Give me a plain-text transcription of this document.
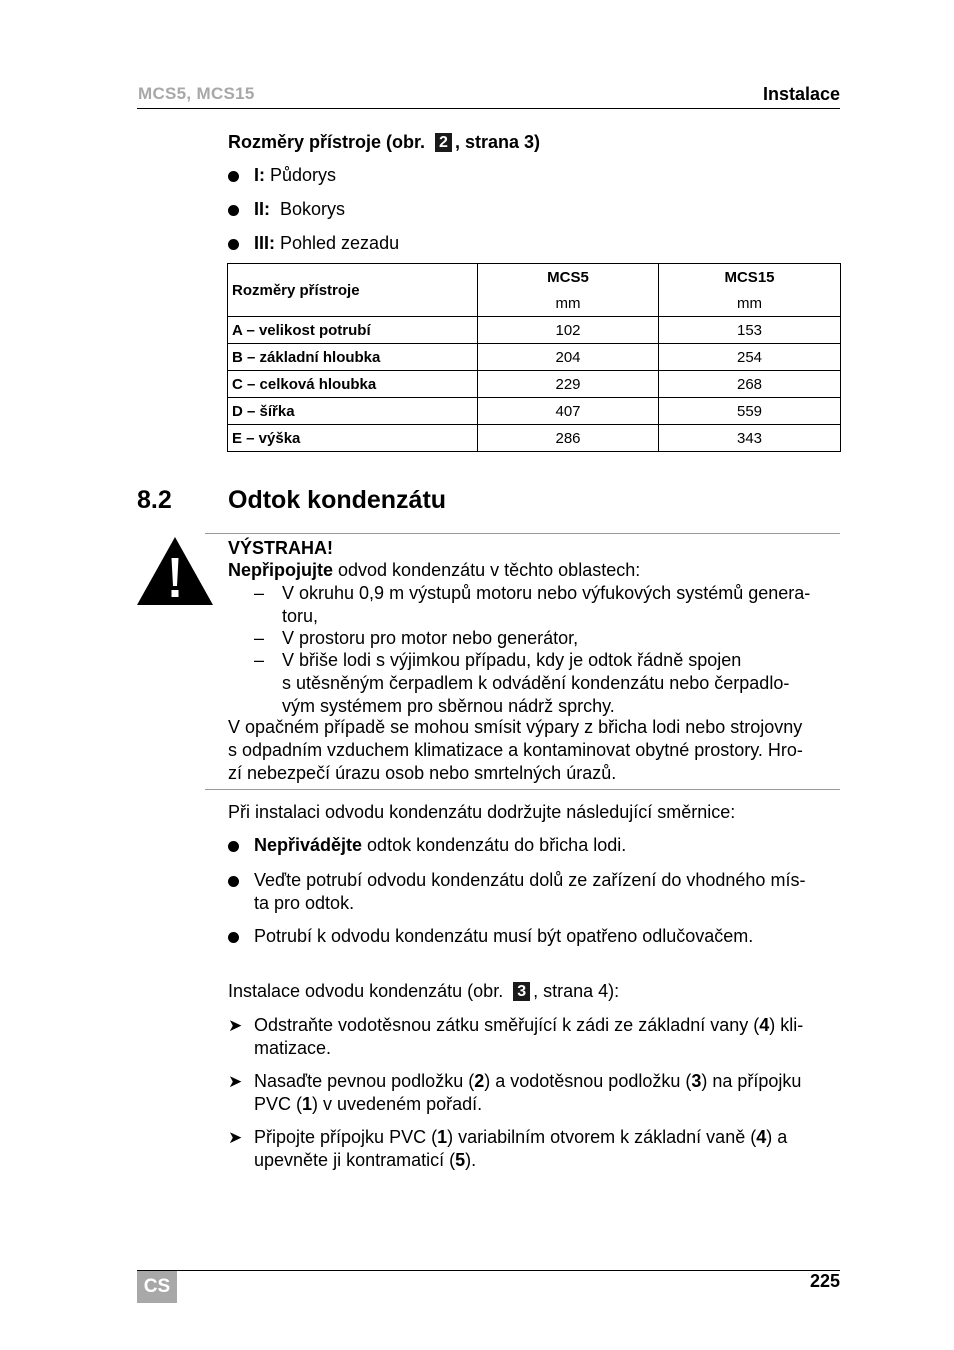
MCS5, MCS15	Instalace
Rozměry přístroje (obr. 2 , strana 3)
I: Půdorys
II:  Bokorys
III: Pohled zezadu
Rozměry přístroje	MCS5	MCS15
	mm	mm
A – velikost potrubí	102	153
B – základní hloubka	204	254
C – celková hloubka	229	268
D – šířka	407	559
E – výška	286	343
8.2 Odtok kondenzátu
VÝSTRAHA!
Nepřipojujte odvod kondenzátu v těchto oblastech:
– V okruhu 0,9 m výstupů motoru nebo výfukových systémů genera-
toru,
– V prostoru pro motor nebo generátor,
– V břiše lodi s výjimkou případu, kdy je odtok řádně spojen
s utěsněným čerpadlem k odvádění kondenzátu nebo čerpadlo-
vým systémem pro sběrnou nádrž sprchy.
V opačném případě se mohou smísit výpary z břicha lodi nebo strojovny
s odpadním vzduchem klimatizace a kontaminovat obytné prostory. Hro-
zí nebezpečí úrazu osob nebo smrtelných úrazů.
Při instalaci odvodu kondenzátu dodržujte následující směrnice:
Nepřivádějte odtok kondenzátu do břicha lodi.
Veďte potrubí odvodu kondenzátu dolů ze zařízení do vhodného mís-
ta pro odtok.
Potrubí k odvodu kondenzátu musí být opatřeno odlučovačem.
Instalace odvodu kondenzátu (obr. 3 , strana 4):
➤ Odstraňte vodotěsnou zátku směřující k zádi ze základní vany (4) kli-
matizace.
➤ Nasaďte pevnou podložku (2) a vodotěsnou podložku (3) na přípojku
PVC (1) v uvedeném pořadí.
➤ Připojte přípojku PVC (1) variabilním otvorem k základní vaně (4) a
upevněte ji kontramaticí (5).
CS	225
